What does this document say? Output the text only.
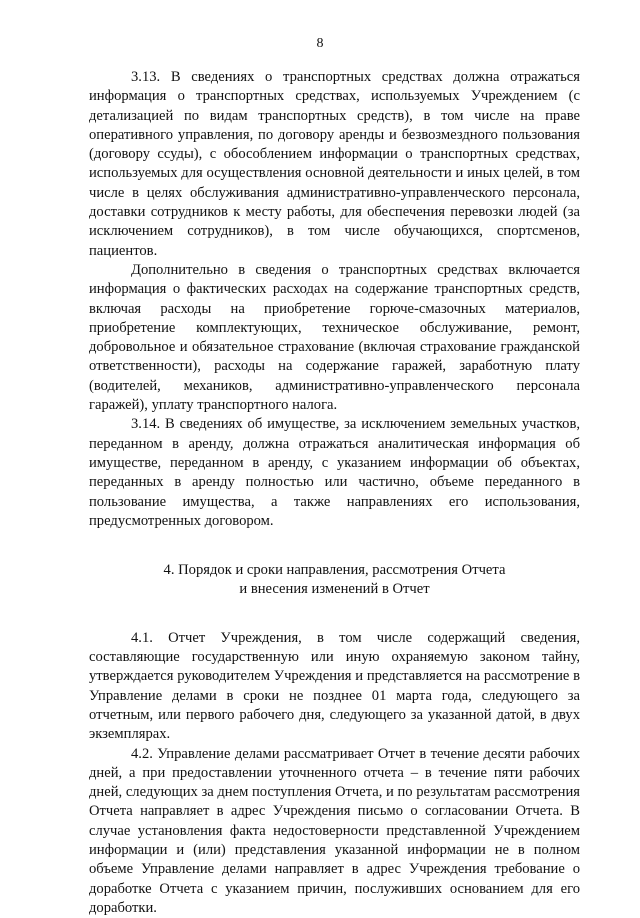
8

3.13. В сведениях о транспортных средствах должна отражаться информация о транспортных средствах, используемых Учреждением (с детализацией по видам транспортных средств), в том числе на праве оперативного управления, по договору аренды и безвозмездного пользования (договору ссуды), с обособлением информации о транспортных средствах, используемых для осуществления основной деятельности и иных целей, в том числе в целях обслуживания административно-управленческого персонала, доставки сотрудников к месту работы, для обеспечения перевозки людей (за исключением сотрудников), в том числе обучающихся, спортсменов, пациентов.

Дополнительно в сведения о транспортных средствах включается информация о фактических расходах на содержание транспортных средств, включая расходы на приобретение горюче-смазочных материалов, приобретение комплектующих, техническое обслуживание, ремонт, добровольное и обязательное страхование (включая страхование гражданской ответственности), расходы на содержание гаражей, заработную плату (водителей, механиков, административно-управленческого персонала гаражей), уплату транспортного налога.

3.14. В сведениях об имуществе, за исключением земельных участков, переданном в аренду, должна отражаться аналитическая информация об имуществе, переданном в аренду, с указанием информации об объектах, переданных в аренду полностью или частично, объеме переданного в пользование имущества, а также направлениях его использования, предусмотренных договором.

4. Порядок и сроки направления, рассмотрения Отчета
и внесения изменений в Отчет

4.1. Отчет Учреждения, в том числе содержащий сведения, составляющие государственную или иную охраняемую законом тайну, утверждается руководителем Учреждения и представляется на рассмотрение в Управление делами в сроки не позднее 01 марта года, следующего за отчетным, или первого рабочего дня, следующего за указанной датой, в двух экземплярах.

4.2. Управление делами рассматривает Отчет в течение десяти рабочих дней, а при предоставлении уточненного отчета – в течение пяти рабочих дней, следующих за днем поступления Отчета, и по результатам рассмотрения Отчета направляет в адрес Учреждения письмо о согласовании Отчета. В случае установления факта недостоверности представленной Учреждением информации и (или) представления указанной информации не в полном объеме Управление делами направляет в адрес Учреждения требование о доработке Отчета с указанием причин, послуживших основанием для его доработки.
